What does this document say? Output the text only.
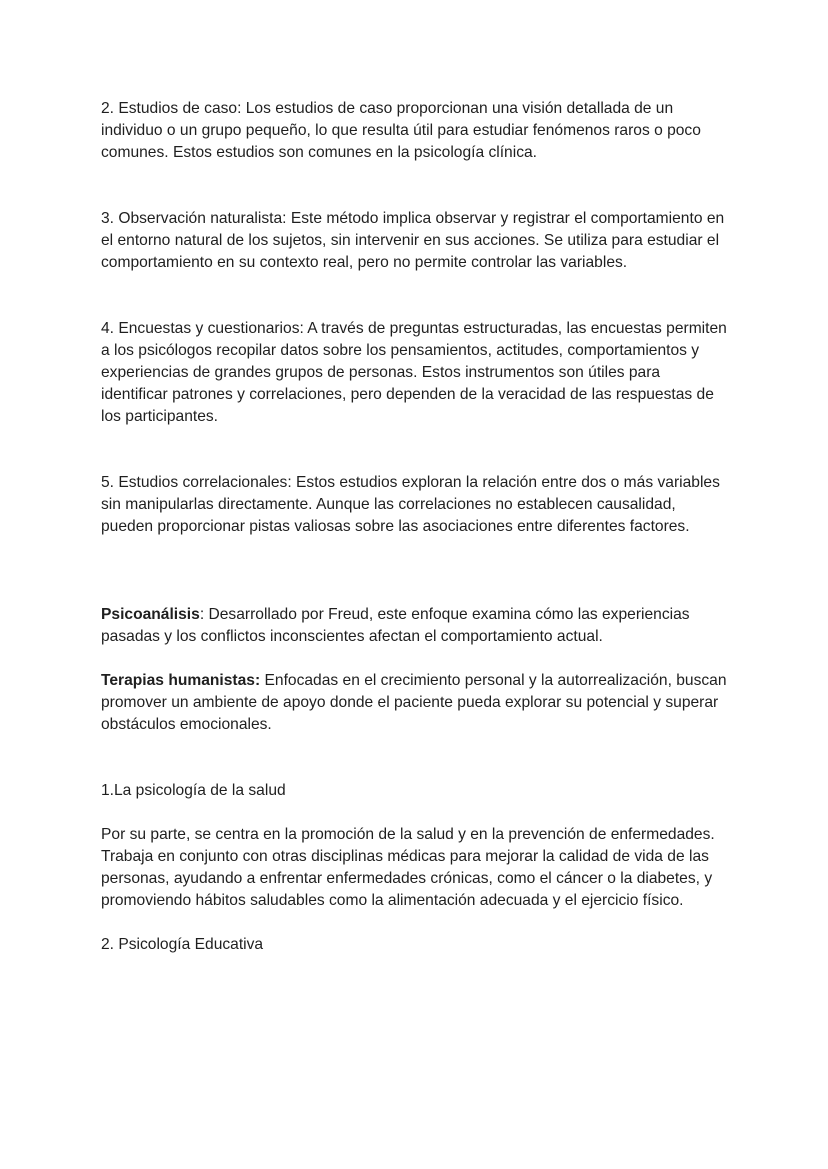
2. Estudios de caso: Los estudios de caso proporcionan una visión detallada de un individuo o un grupo pequeño, lo que resulta útil para estudiar fenómenos raros o poco comunes. Estos estudios son comunes en la psicología clínica.

3. Observación naturalista: Este método implica observar y registrar el comportamiento en el entorno natural de los sujetos, sin intervenir en sus acciones. Se utiliza para estudiar el comportamiento en su contexto real, pero no permite controlar las variables.

4. Encuestas y cuestionarios: A través de preguntas estructuradas, las encuestas permiten a los psicólogos recopilar datos sobre los pensamientos, actitudes, comportamientos y experiencias de grandes grupos de personas. Estos instrumentos son útiles para identificar patrones y correlaciones, pero dependen de la veracidad de las respuestas de los participantes.

5. Estudios correlacionales: Estos estudios exploran la relación entre dos o más variables sin manipularlas directamente. Aunque las correlaciones no establecen causalidad, pueden proporcionar pistas valiosas sobre las asociaciones entre diferentes factores.

Psicoanálisis: Desarrollado por Freud, este enfoque examina cómo las experiencias pasadas y los conflictos inconscientes afectan el comportamiento actual.

Terapias humanistas: Enfocadas en el crecimiento personal y la autorrealización, buscan promover un ambiente de apoyo donde el paciente pueda explorar su potencial y superar obstáculos emocionales.

1.La psicología de la salud

Por su parte, se centra en la promoción de la salud y en la prevención de enfermedades. Trabaja en conjunto con otras disciplinas médicas para mejorar la calidad de vida de las personas, ayudando a enfrentar enfermedades crónicas, como el cáncer o la diabetes, y promoviendo hábitos saludables como la alimentación adecuada y el ejercicio físico.

2. Psicología Educativa
